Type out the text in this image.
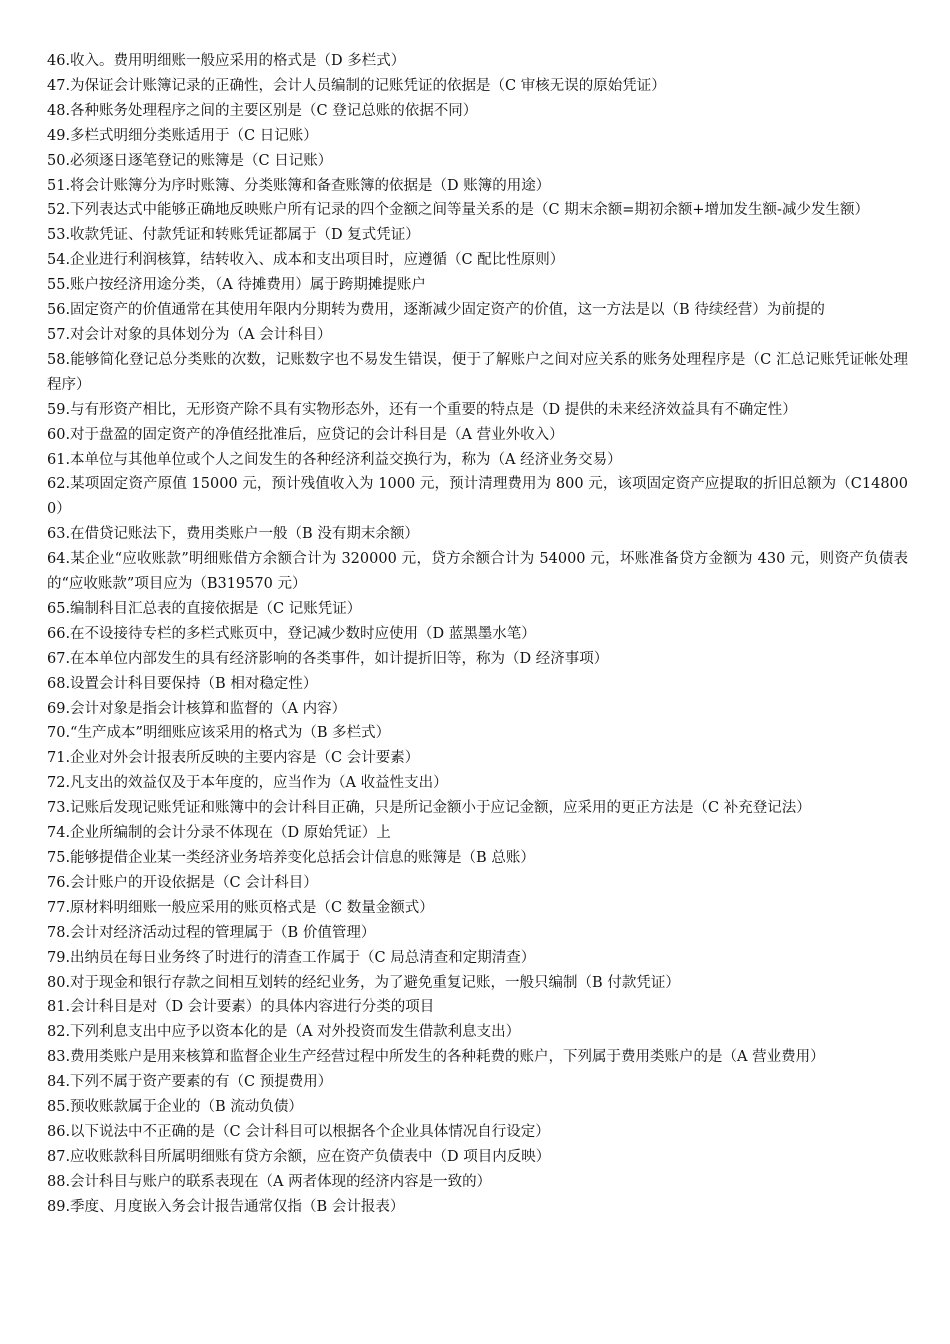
46.收入。费用明细账一般应采用的格式是（D 多栏式）

47.为保证会计账簿记录的正确性，会计人员编制的记账凭证的依据是（C 审核无误的原始凭证）

48.各种账务处理程序之间的主要区别是（C 登记总账的依据不同）

49.多栏式明细分类账适用于（C 日记账）

50.必须逐日逐笔登记的账簿是（C 日记账）

51.将会计账簿分为序时账簿、分类账簿和备查账簿的依据是（D 账簿的用途）

52.下列表达式中能够正确地反映账户所有记录的四个金额之间等量关系的是（C 期末余额=期初余额+增加发生额-减少发生额）

53.收款凭证、付款凭证和转账凭证都属于（D 复式凭证）

54.企业进行利润核算，结转收入、成本和支出项目时，应遵循（C 配比性原则）

55.账户按经济用途分类，（A 待摊费用）属于跨期摊提账户

56.固定资产的价值通常在其使用年限内分期转为费用，逐渐减少固定资产的价值，这一方法是以（B 待续经营）为前提的

57.对会计对象的具体划分为（A 会计科目）

58.能够简化登记总分类账的次数，记账数字也不易发生错误，便于了解账户之间对应关系的账务处理程序是（C 汇总记账凭证帐处理程序）

59.与有形资产相比，无形资产除不具有实物形态外，还有一个重要的特点是（D 提供的未来经济效益具有不确定性）

60.对于盘盈的固定资产的净值经批准后，应贷记的会计科目是（A 营业外收入）

61.本单位与其他单位或个人之间发生的各种经济利益交换行为，称为（A 经济业务交易）

62.某项固定资产原值 15000 元，预计残值收入为 1000 元，预计清理费用为 800 元，该项固定资产应提取的折旧总额为（C148000）

63.在借贷记账法下，费用类账户一般（B 没有期末余额）

64.某企业“应收账款”明细账借方余额合计为 320000 元，贷方余额合计为 54000 元，坏账准备贷方金额为 430 元，则资产负债表的“应收账款”项目应为（B319570 元）

65.编制科目汇总表的直接依据是（C 记账凭证）

66.在不设接待专栏的多栏式账页中，登记减少数时应使用（D 蓝黑墨水笔）

67.在本单位内部发生的具有经济影响的各类事件，如计提折旧等，称为（D 经济事项）

68.设置会计科目要保持（B 相对稳定性）

69.会计对象是指会计核算和监督的（A 内容）

70.“生产成本”明细账应该采用的格式为（B 多栏式）

71.企业对外会计报表所反映的主要内容是（C 会计要素）

72.凡支出的效益仅及于本年度的，应当作为（A 收益性支出）

73.记账后发现记账凭证和账簿中的会计科目正确，只是所记金额小于应记金额，应采用的更正方法是（C 补充登记法）

74.企业所编制的会计分录不体现在（D 原始凭证）上

75.能够提借企业某一类经济业务培养变化总括会计信息的账簿是（B 总账）

76.会计账户的开设依据是（C 会计科目）

77.原材料明细账一般应采用的账页格式是（C 数量金额式）

78.会计对经济活动过程的管理属于（B 价值管理）

79.出纳员在每日业务终了时进行的清查工作属于（C 局总清查和定期清查）

80.对于现金和银行存款之间相互划转的经纪业务，为了避免重复记账，一般只编制（B 付款凭证）

81.会计科目是对（D 会计要素）的具体内容进行分类的项目

82.下列利息支出中应予以资本化的是（A 对外投资而发生借款利息支出）

83.费用类账户是用来核算和监督企业生产经营过程中所发生的各种耗费的账户，下列属于费用类账户的是（A 营业费用）

84.下列不属于资产要素的有（C 预提费用）

85.预收账款属于企业的（B 流动负债）

86.以下说法中不正确的是（C 会计科目可以根据各个企业具体情况自行设定）

87.应收账款科目所属明细账有贷方余额，应在资产负债表中（D 项目内反映）

88.会计科目与账户的联系表现在（A 两者体现的经济内容是一致的）

89.季度、月度嵌入务会计报告通常仅指（B 会计报表）
